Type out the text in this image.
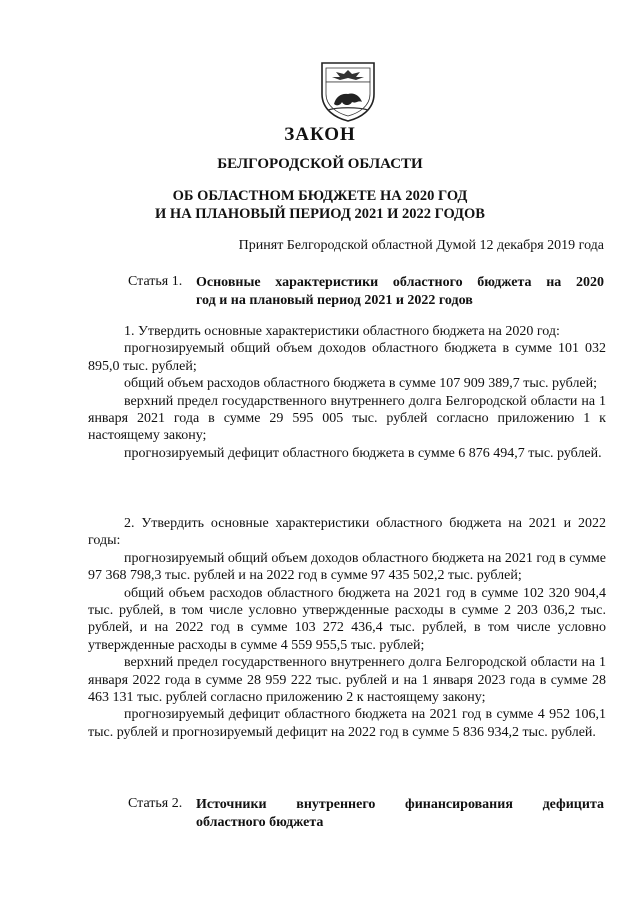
ЗАКОН
БЕЛГОРОДСКОЙ ОБЛАСТИ
ОБ ОБЛАСТНОМ БЮДЖЕТЕ НА 2020 ГОД
И НА ПЛАНОВЫЙ ПЕРИОД 2021 И 2022 ГОДОВ
Принят Белгородской областной Думой 12 декабря 2019 года
Статья 1. Основные характеристики областного бюджета на 2020
год и на плановый период 2021 и 2022 годов

1. Утвердить основные характеристики областного бюджета на 2020 год:

прогнозируемый общий объем доходов областного бюджета в сумме 101 032 895,0 тыс. рублей;

общий объем расходов областного бюджета в сумме 107 909 389,7 тыс. рублей;

верхний предел государственного внутреннего долга Белгородской области на 1 января 2021 года в сумме 29 595 005 тыс. рублей согласно приложению 1 к настоящему закону;

прогнозируемый дефицит областного бюджета в сумме 6 876 494,7 тыс. рублей.

2. Утвердить основные характеристики областного бюджета на 2021 и 2022 годы:

прогнозируемый общий объем доходов областного бюджета на 2021 год в сумме 97 368 798,3 тыс. рублей и на 2022 год в сумме 97 435 502,2 тыс. рублей;

общий объем расходов областного бюджета на 2021 год в сумме 102 320 904,4 тыс. рублей, в том числе условно утвержденные расходы в сумме 2 203 036,2 тыс. рублей, и на 2022 год в сумме 103 272 436,4 тыс. рублей, в том числе условно утвержденные расходы в сумме 4 559 955,5 тыс. рублей;

верхний предел государственного внутреннего долга Белгородской области на 1 января 2022 года в сумме 28 959 222 тыс. рублей и на 1 января 2023 года в сумме 28 463 131 тыс. рублей согласно приложению 2 к настоящему закону;

прогнозируемый дефицит областного бюджета на 2021 год в сумме 4 952 106,1 тыс. рублей и прогнозируемый дефицит на 2022 год в сумме 5 836 934,2 тыс. рублей.

Статья 2. Источники внутреннего финансирования дефицита
областного бюджета
